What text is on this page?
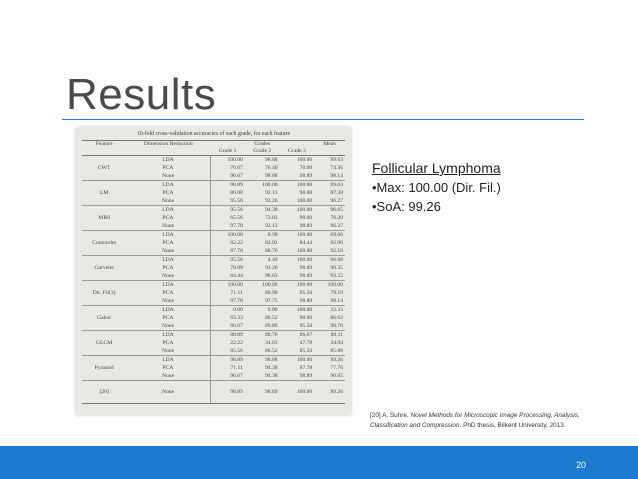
Results
10-fold cross-validation accuracies of each grade, for each feature
Feature	Dimension Reduction	Grades			Mean
		Grade 1	Grade 2	Grade 3	
CWT	LDA	100.00	98.88	100.00	99.63
	PCA	76.67	76.40	70.00	74.36
	None	96.67	98.88	98.89	98.14
LM	LDA	98.89	100.00	100.00	99.63
	PCA	80.00	92.13	90.00	87.38
	None	95.56	93.26	100.00	96.27
MR8	LDA	95.56	94.38	100.00	96.65
	PCA	65.56	73.03	90.00	76.20
	None	97.78	92.13	98.89	96.27
Contourlet	LDA	100.00	8.99	100.00	69.66
	PCA	82.22	82.02	84.44	82.90
	None	87.78	88.76	100.00	92.18
Curvelet	LDA	95.56	4.49	100.00	66.68
	PCA	78.89	93.26	98.89	90.35
	None	84.44	96.63	98.89	93.32
Dir. Fil(3)	LDA	100.00	100.00	100.00	100.00
	PCA	71.11	80.90	85.56	79.19
	None	97.78	97.75	98.89	98.14
Gabor	LDA	0.00	0.00	100.00	33.33
	PCA	83.33	86.52	90.00	86.62
	None	86.67	89.89	95.56	90.70
GLCM	LDA	88.89	88.76	86.67	88.11
	PCA	22.22	34.83	47.78	34.94
	None	85.56	86.52	85.56	85.88
Pyramid	LDA	98.89	98.88	100.00	99.26
	PCA	71.11	94.38	67.78	77.76
	None	96.67	94.38	98.89	96.65
[20]	None	98.89	98.89	100.00	99.26
Follicular Lymphoma
•Max: 100.00 (Dir. Fil.)
•SoA: 99.26
[20] A. Suhre, Novel Methods for Microscopic Image Processing, Analysis, Classification and Compression. PhD thesis, Bilkent University, 2013.
20
